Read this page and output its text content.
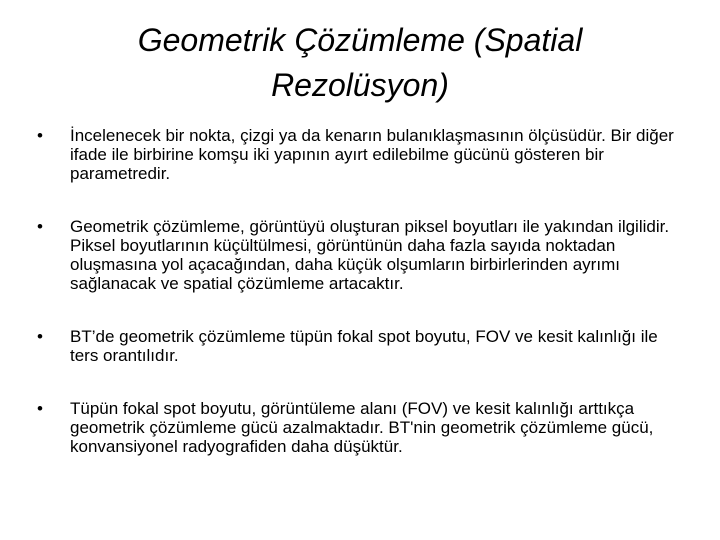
Geometrik Çözümleme (Spatial Rezolüsyon)
• İncelenecek bir nokta, çizgi ya da kenarın bulanıklaşmasının ölçüsüdür. Bir diğer ifade ile birbirine komşu iki yapının ayırt edilebilme gücünü gösteren bir parametredir.
• Geometrik çözümleme, görüntüyü oluşturan piksel boyutları ile yakından ilgilidir. Piksel boyutlarının küçültülmesi, görüntünün daha fazla sayıda noktadan oluşmasına yol açacağından, daha küçük olşumların birbirlerinden ayrımı sağlanacak ve spatial çözümleme artacaktır.
• BT’de geometrik çözümleme tüpün fokal spot boyutu, FOV ve kesit kalınlığı ile ters orantılıdır.
• Tüpün fokal spot boyutu, görüntüleme alanı (FOV) ve kesit kalınlığı arttıkça geometrik çözümleme gücü azalmaktadır. BT'nin geometrik çözümleme gücü, konvansiyonel radyografiden daha düşüktür.
